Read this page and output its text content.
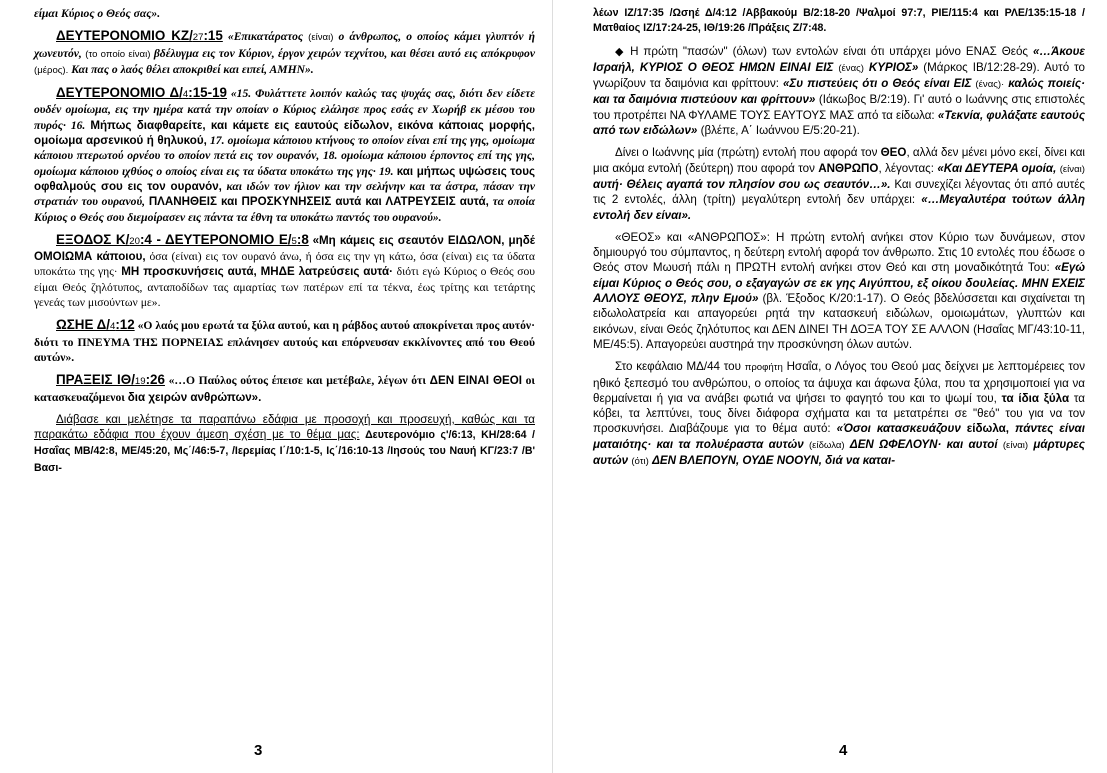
είμαι Κύριος ο Θεός σας».

ΔΕΥΤΕΡΟΝΟΜΙΟ ΚΖ/27:15 «Επικατάρατος (είναι) ο άνθρωπος, ο οποίος κάμει γλυπτόν ή χωνευτόν, (το οποίο είναι) βδέλυγμα εις τον Κύριον, έργον χειρών τεχνίτου, και θέσει αυτό εις απόκρυφον (μέρος). Και πας ο λαός θέλει αποκριθεί και ειπεί, ΑΜΗΝ».

ΔΕΥΤΕΡΟΝΟΜΙΟ Δ/4:15-19 «15. Φυλάττετε λοιπόν καλώς τας ψυχάς σας, διότι δεν είδετε ουδέν ομοίωμα, εις την ημέρα κατά την οποίαν ο Κύριος ελάλησε προς εσάς εν Χωρήβ εκ μέσου του πυρός· 16. Μήπως διαφθαρείτε, και κάμετε εις εαυτούς είδωλον, εικόνα κάποιας μορφής, ομοίωμα αρσενικού ή θηλυκού, 17. ομοίωμα κάποιου κτήνους το οποίον είναι επί της γης, ομοίωμα κάποιου πτερωτού ορνέου το οποίον πετά εις τον ουρανόν, 18. ομοίωμα κάποιου έρποντος επί της γης, ομοίωμα κάποιου ιχθύος ο οποίος είναι εις τα ύδατα υποκάτω της γης· 19. και μήπως υψώσεις τους οφθαλμούς σου εις τον ουρανόν, και ιδών τον ήλιον και την σελήνην και τα άστρα, πάσαν την στρατιάν του ουρανού, ΠΛΑΝΗΘΕΙΣ και ΠΡΟΣΚΥΝΗΣΕΙΣ αυτά και ΛΑΤΡΕΥΣΕΙΣ αυτά, τα οποία Κύριος ο Θεός σου διεμοίρασεν εις πάντα τα έθνη τα υποκάτω παντός του ουρανού».

ΕΞΟΔΟΣ Κ/20:4 - ΔΕΥΤΕΡΟΝΟΜΙΟ Ε/5:8 «Μη κάμεις εις σεαυτόν ΕΙΔΩΛΟΝ, μηδέ ΟΜΟΙΩΜΑ κάποιου, όσα (είναι) εις τον ουρανό άνω, ή όσα εις την γη κάτω, όσα (είναι) εις τα ύδατα υποκάτω της γης· ΜΗ προσκυνήσεις αυτά, ΜΗΔΕ λατρεύσεις αυτά· διότι εγώ Κύριος ο Θεός σου είμαι Θεός ζηλότυπος, ανταποδίδων τας αμαρτίας των πατέρων επί τα τέκνα, έως τρίτης και τετάρτης γενεάς των μισούντων με».

ΩΣΗΕ Δ/4:12 «Ο λαός μου ερωτά τα ξύλα αυτού, και η ράβδος αυτού αποκρίνεται προς αυτόν· διότι το ΠΝΕΥΜΑ ΤΗΣ ΠΟΡΝΕΙΑΣ επλάνησεν αυτούς και επόρνευσαν εκκλίνοντες από του Θεού αυτών».

ΠΡΑΞΕΙΣ ΙΘ/19:26 «…Ο Παύλος ούτος έπεισε και μετέβαλε, λέγων ότι ΔΕΝ ΕΙΝΑΙ ΘΕΟΙ οι κατασκευαζόμενοι δια χειρών ανθρώπων».

Διάβασε και μελέτησε τα παραπάνω εδάφια με προσοχή και προσευχή, καθώς και τα παρακάτω εδάφια που έχουν άμεση σχέση με το θέμα μας: Δευτερονόμιο ς'/6:13, ΚΗ/28:64 /Ησαΐας ΜΒ/42:8, ΜΕ/45:20, Μς΄/46:5-7, /Ιερεμίας Ι΄/10:1-5, Ις΄/16:10-13 /Ιησούς του Ναυή ΚΓ/23:7 /Β' Βασι-

3

λέων ΙΖ/17:35 /Ωσηέ Δ/4:12 /Αββακούμ Β/2:18-20 /Ψαλμοί 97:7, ΡΙΕ/115:4 και ΡΛΕ/135:15-18 /Ματθαίος ΙΖ/17:24-25, ΙΘ/19:26 /Πράξεις Ζ/7:48.

◆ Η πρώτη "πασών" (όλων) των εντολών είναι ότι υπάρχει μόνο ΕΝΑΣ Θεός «…Άκουε Ισραήλ, ΚΥΡΙΟΣ Ο ΘΕΟΣ ΗΜΩΝ ΕΙΝΑΙ ΕΙΣ (ένας) ΚΥΡΙΟΣ» (Μάρκος ΙΒ/12:28-29). Αυτό το γνωρίζουν τα δαιμόνια και φρίττουν: «Συ πιστεύεις ότι ο Θεός είναι ΕΙΣ (ένας)· καλώς ποιείς· και τα δαιμόνια πιστεύουν και φρίττουν» (Ιάκωβος Β/2:19). Γι' αυτό ο Ιωάννης στις επιστολές του προτρέπει ΝΑ ΦΥΛΑΜΕ ΤΟΥΣ ΕΑΥΤΟΥΣ ΜΑΣ από τα είδωλα: «Τεκνία, φυλάξατε εαυτούς από των ειδώλων» (βλέπε, Α΄ Ιωάννου Ε/5:20-21).

Δίνει ο Ιωάννης μία (πρώτη) εντολή που αφορά τον ΘΕΟ, αλλά δεν μένει μόνο εκεί, δίνει και μια ακόμα εντολή (δεύτερη) που αφορά τον ΑΝΘΡΩΠΟ, λέγοντας: «Και ΔΕΥΤΕΡΑ ομοία, (είναι) αυτή· Θέλεις αγαπά τον πλησίον σου ως σεαυτόν…». Και συνεχίζει λέγοντας ότι από αυτές τις 2 εντολές, άλλη (τρίτη) μεγαλύτερη εντολή δεν υπάρχει: «…Μεγαλυτέρα τούτων άλλη εντολή δεν είναι».

«ΘΕΟΣ» και «ΑΝΘΡΩΠΟΣ»: Η πρώτη εντολή ανήκει στον Κύριο των δυνάμεων, στον δημιουργό του σύμπαντος, η δεύτερη εντολή αφορά τον άνθρωπο. Στις 10 εντολές που έδωσε ο Θεός στον Μωυσή πάλι η ΠΡΩΤΗ εντολή ανήκει στον Θεό και στη μοναδικότητά Του: «Εγώ είμαι Κύριος ο Θεός σου, ο εξαγαγών σε εκ γης Αιγύπτου, εξ οίκου δουλείας. ΜΗΝ ΕΧΕΙΣ ΑΛΛΟΥΣ ΘΕΟΥΣ, πλην Εμού» (βλ. Έξοδος Κ/20:1-17). Ο Θεός βδελύσσεται και σιχαίνεται τη ειδωλολατρεία και απαγορεύει ρητά την κατασκευή ειδώλων, ομοιωμάτων, γλυπτών και εικόνων, είναι Θεός ζηλότυπος και ΔΕΝ ΔΙΝΕΙ ΤΗ ΔΟΞΑ ΤΟΥ ΣΕ ΑΛΛΟΝ (Ησαΐας ΜΓ/43:10-11, ΜΕ/45:5). Απαγορεύει αυστηρά την προσκύνηση όλων αυτών.

Στο κεφάλαιο ΜΔ/44 του προφήτη Ησαΐα, ο Λόγος του Θεού μας δείχνει με λεπτομέρειες τον ηθικό ξεπεσμό του ανθρώπου, ο οποίος τα άψυχα και άφωνα ξύλα, που τα χρησιμοποιεί για να θερμαίνεται ή για να ανάβει φωτιά να ψήσει το φαγητό του και το ψωμί του, τα ίδια ξύλα τα κόβει, τα λεπτύνει, τους δίνει διάφορα σχήματα και τα μετατρέπει σε "θεό" του για να τον προσκυνήσει. Διαβάζουμε για το θέμα αυτό: «Όσοι κατασκευάζουν είδωλα, πάντες είναι ματαιότης· και τα πολυέραστα αυτών (είδωλα) ΔΕΝ ΩΦΕΛΟΥΝ· και αυτοί (είναι) μάρτυρες αυτών (ότι) ΔΕΝ ΒΛΕΠΟΥΝ, ΟΥΔΕ ΝΟΟΥΝ, διά να καται-

4
